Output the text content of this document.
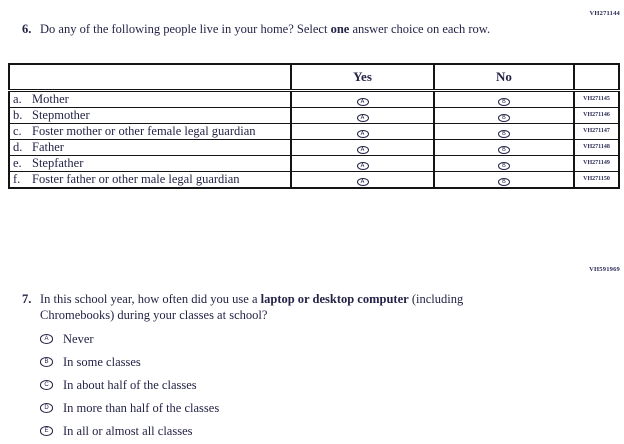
VH271144
6. Do any of the following people live in your home? Select one answer choice on each row.
	Yes	No	

a. Mother	A	B	VH271145

b. Stepmother	A	B	VH271146

c. Foster mother or other female legal guardian	A	B	VH271147

d. Father	A	B	VH271148

e. Stepfather	A	B	VH271149

f. Foster father or other male legal guardian	A	B	VH271150
VH591969
7. In this school year, how often did you use a laptop or desktop computer (including Chromebooks) during your classes at school?
A	Never
B	In some classes
C	In about half of the classes
D	In more than half of the classes
E	In all or almost all classes
